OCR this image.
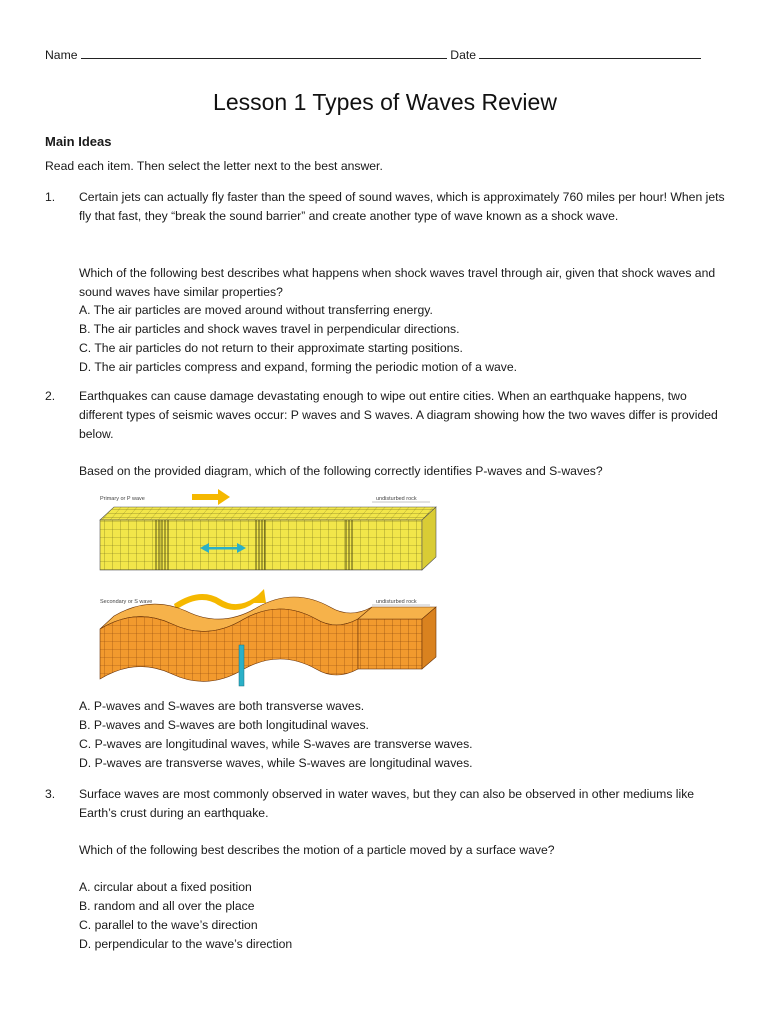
Name	Date
Lesson 1 Types of Waves Review
Main Ideas
Read each item. Then select the letter next to the best answer.
1. Certain jets can actually fly faster than the speed of sound waves, which is approximately 760 miles per hour! When jets fly that fast, they “break the sound barrier” and create another type of wave known as a shock wave.
Which of the following best describes what happens when shock waves travel through air, given that shock waves and sound waves have similar properties?
A. The air particles are moved around without transferring energy.
B. The air particles and shock waves travel in perpendicular directions.
C. The air particles do not return to their approximate starting positions.
D. The air particles compress and expand, forming the periodic motion of a wave.
2. Earthquakes can cause damage devastating enough to wipe out entire cities. When an earthquake happens, two different types of seismic waves occur: P waves and S waves. A diagram showing how the two waves differ is provided below.
Based on the provided diagram, which of the following correctly identifies P-waves and S-waves?
Primary or P wave	undisturbed rock
Secondary or S wave	undisturbed rock
A. P-waves and S-waves are both transverse waves.
B. P-waves and S-waves are both longitudinal waves.
C. P-waves are longitudinal waves, while S-waves are transverse waves.
D. P-waves are transverse waves, while S-waves are longitudinal waves.
3. Surface waves are most commonly observed in water waves, but they can also be observed in other mediums like Earth’s crust during an earthquake.
Which of the following best describes the motion of a particle moved by a surface wave?
A. circular about a fixed position
B. random and all over the place
C. parallel to the wave’s direction
D. perpendicular to the wave’s direction
